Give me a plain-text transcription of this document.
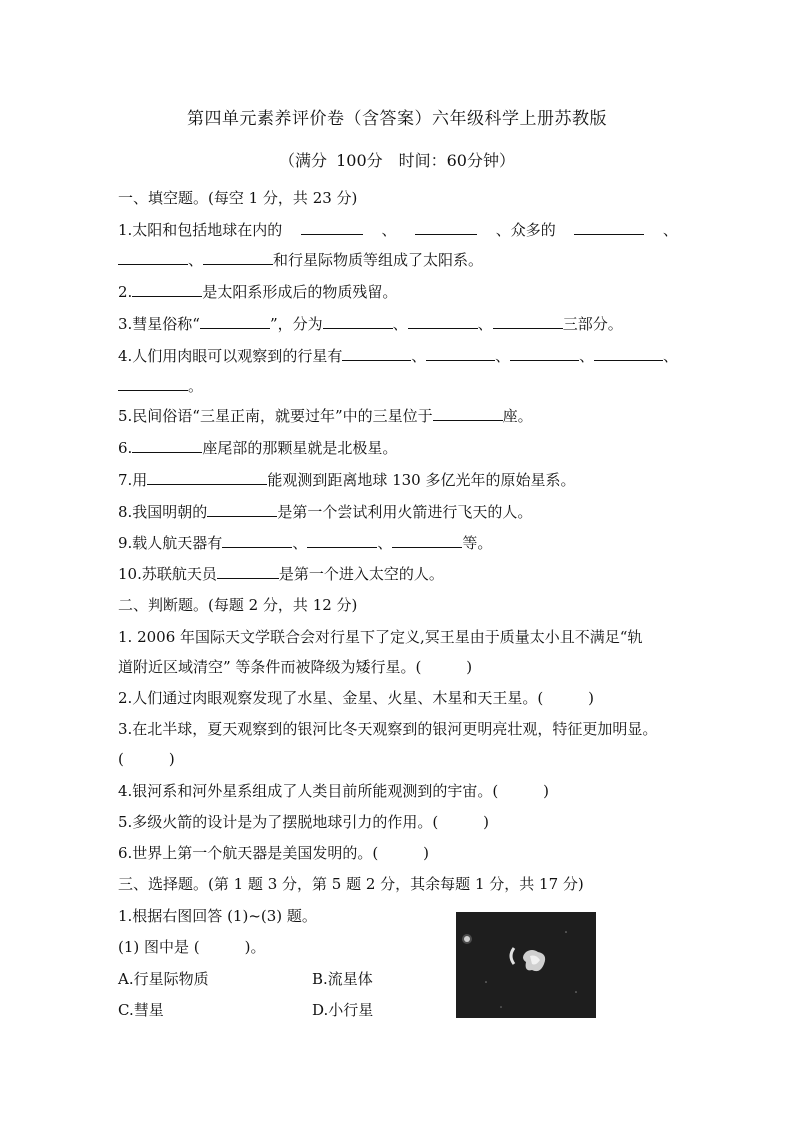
第四单元素养评价卷（含答案）六年级科学上册苏教版
（满分 100分　时间：60分钟）
一、填空题。(每空 1 分，共 23 分)
1.太阳和包括地球在内的	、	、众多的	、
、	和行星际物质等组成了太阳系。
2.	是太阳系形成后的物质残留。
3.彗星俗称“	”，分为	、	、	三部分。
4.人们用肉眼可以观察到的行星有	、	、	、	、
。
5.民间俗语“三星正南，就要过年”中的三星位于	座。
6.	座尾部的那颗星就是北极星。
7.用	能观测到距离地球 130 多亿光年的原始星系。
8.我国明朝的	是第一个尝试利用火箭进行飞天的人。
9.载人航天器有	、	、	等。
10.苏联航天员	是第一个进入太空的人。
二、判断题。(每题 2 分，共 12 分)
1. 2006 年国际天文学联合会对行星下了定义,冥王星由于质量太小且不满足“轨
道附近区域清空” 等条件而被降级为矮行星。(　　　)
2.人们通过肉眼观察发现了水星、金星、火星、木星和天王星。(　　　)
3.在北半球，夏天观察到的银河比冬天观察到的银河更明亮壮观，特征更加明显。
(　　　)
4.银河系和河外星系组成了人类目前所能观测到的宇宙。(　　　)
5.多级火箭的设计是为了摆脱地球引力的作用。(　　　)
6.世界上第一个航天器是美国发明的。(　　　)
三、选择题。(第 1 题 3 分，第 5 题 2 分，其余每题 1 分，共 17 分)
1.根据右图回答 (1)~(3) 题。
(1) 图中是 (　　　)。
A.行星际物质	B.流星体
C.彗星	D.小行星
